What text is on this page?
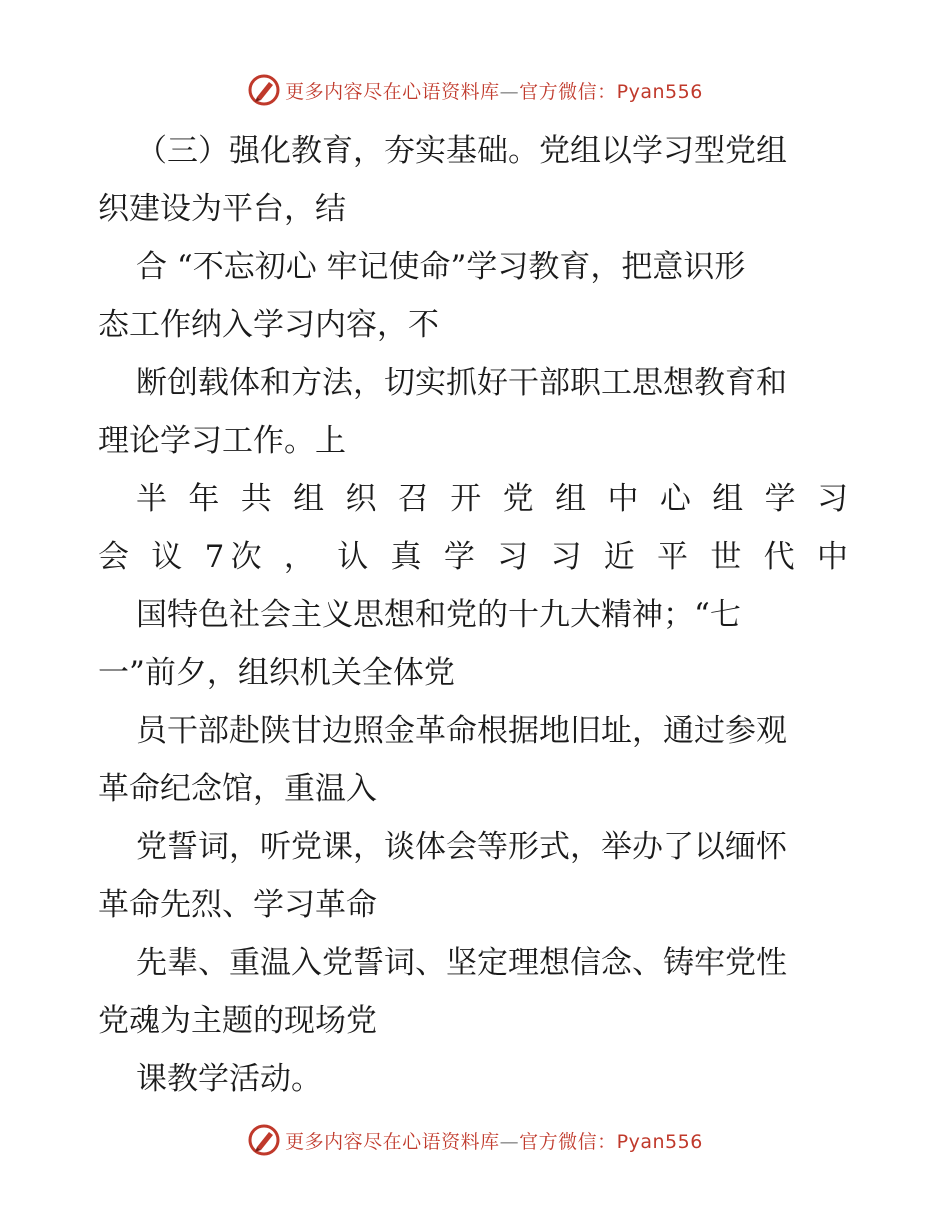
更多内容尽在心语资料库—官方微信：Pyan556
（三）强化教育，夯实基础。党组以学习型党组
织建设为平台，结
合 “不忘初心 牢记使命”学习教育，把意识形
态工作纳入学习内容，不
断创载体和方法，切实抓好干部职工思想教育和
理论学习工作。上
半 年 共 组 织 召 开 党 组 中 心 组 学 习
会 议 7次 ， 认 真 学 习 习 近 平 世 代 中
国特色社会主义思想和党的十九大精神；“七
一”前夕，组织机关全体党
员干部赴陕甘边照金革命根据地旧址，通过参观
革命纪念馆，重温入
党誓词，听党课，谈体会等形式，举办了以缅怀
革命先烈、学习革命
先辈、重温入党誓词、坚定理想信念、铸牢党性
党魂为主题的现场党
课教学活动。
更多内容尽在心语资料库—官方微信：Pyan556
